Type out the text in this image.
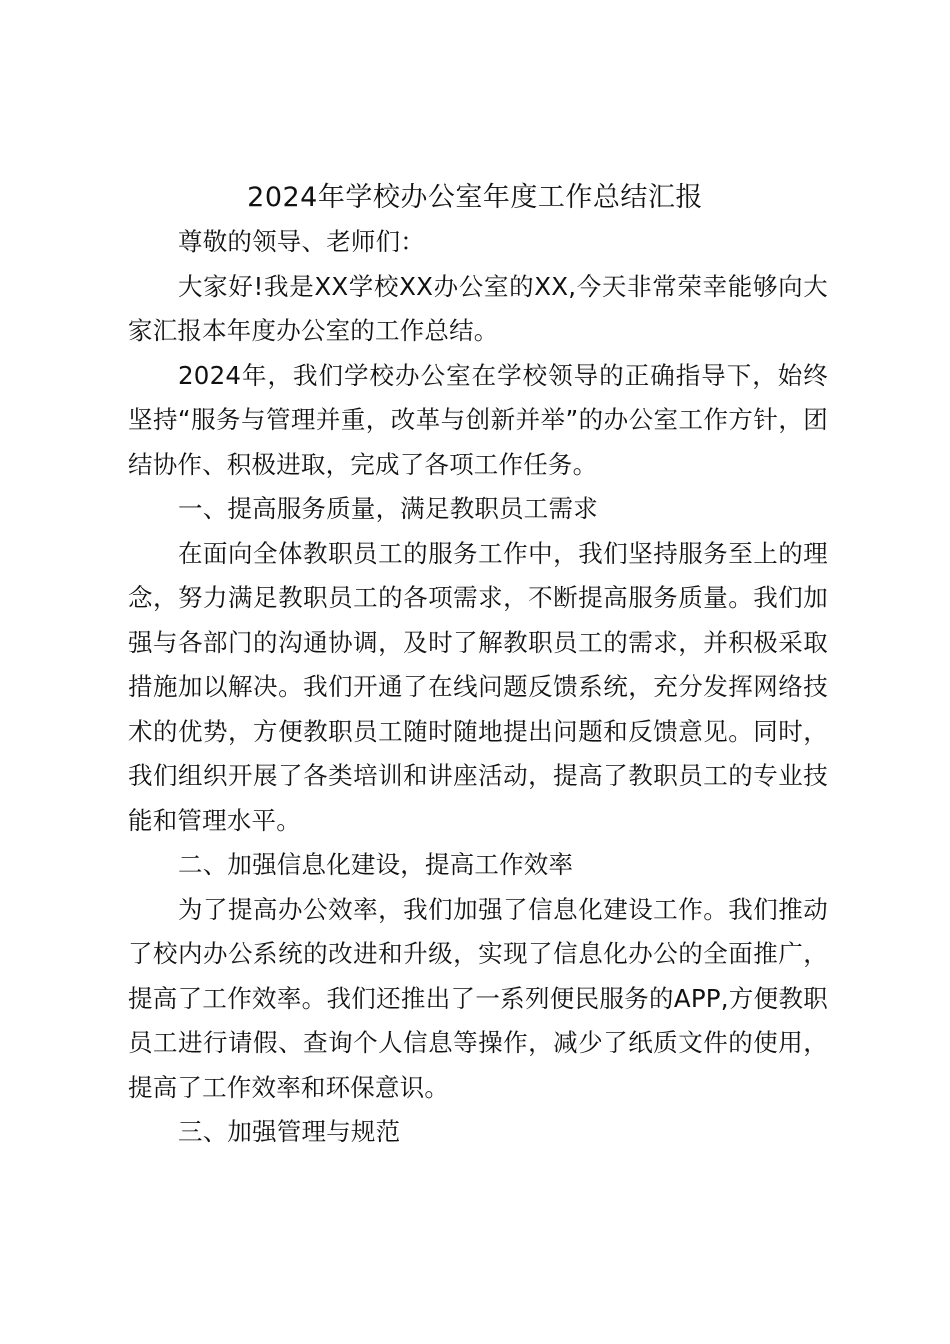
2024年学校办公室年度工作总结汇报

尊敬的领导、老师们：

大家好!我是XX学校XX办公室的XX,今天非常荣幸能够向大家汇报本年度办公室的工作总结。

2024年，我们学校办公室在学校领导的正确指导下，始终坚持“服务与管理并重，改革与创新并举”的办公室工作方针，团结协作、积极进取，完成了各项工作任务。

一、提高服务质量，满足教职员工需求

在面向全体教职员工的服务工作中，我们坚持服务至上的理念，努力满足教职员工的各项需求，不断提高服务质量。我们加强与各部门的沟通协调，及时了解教职员工的需求，并积极采取措施加以解决。我们开通了在线问题反馈系统，充分发挥网络技术的优势，方便教职员工随时随地提出问题和反馈意见。同时，我们组织开展了各类培训和讲座活动，提高了教职员工的专业技能和管理水平。

二、加强信息化建设，提高工作效率

为了提高办公效率，我们加强了信息化建设工作。我们推动了校内办公系统的改进和升级，实现了信息化办公的全面推广，提高了工作效率。我们还推出了一系列便民服务的APP,方便教职员工进行请假、查询个人信息等操作，减少了纸质文件的使用，提高了工作效率和环保意识。

三、加强管理与规范
